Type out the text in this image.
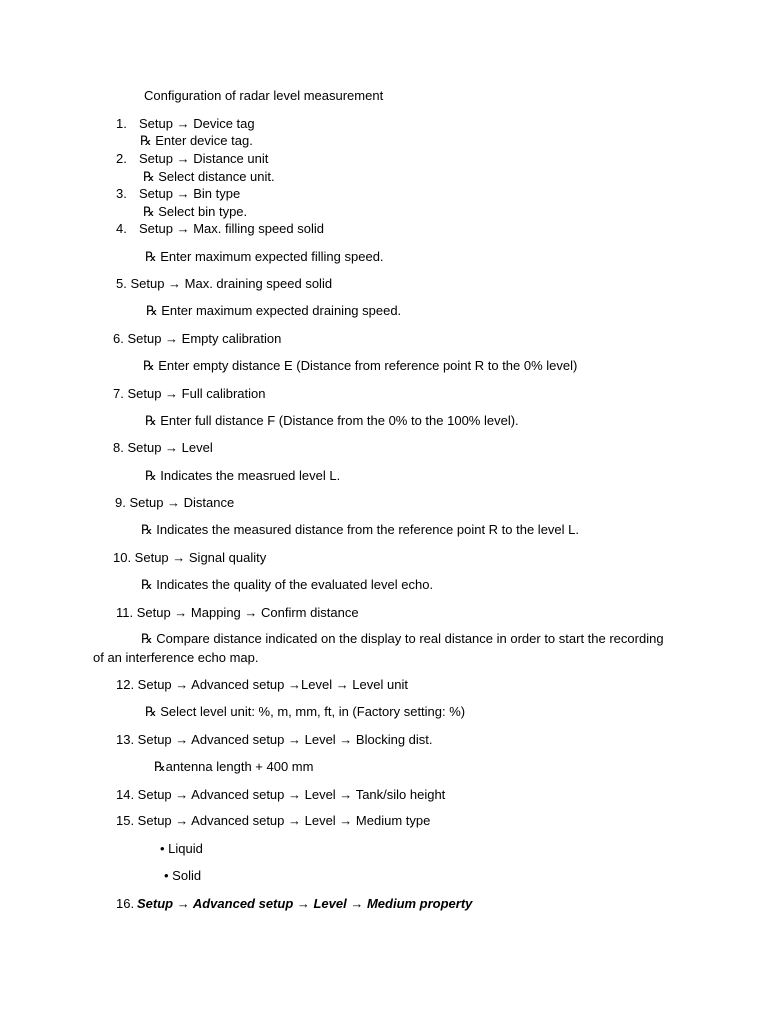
Configuration of radar level measurement
1. Setup → Device tag
℞ Enter device tag.
2. Setup → Distance unit
℞ Select distance unit.
3. Setup → Bin type
℞ Select bin type.
4. Setup → Max. filling speed solid
℞ Enter maximum expected filling speed.
5. Setup → Max. draining speed solid
℞ Enter maximum expected draining speed.
6. Setup → Empty calibration
℞ Enter empty distance E (Distance from reference point R to the 0% level)
7. Setup → Full calibration
℞ Enter full distance F (Distance from the 0% to the 100% level).
8. Setup → Level
℞ Indicates the measrued level L.
9. Setup → Distance
℞ Indicates the measured distance from the reference point R to the level L.
10. Setup → Signal quality
℞ Indicates the quality of the evaluated level echo.
11. Setup → Mapping → Confirm distance
℞ Compare distance indicated on the display to real distance in order to start the recording
of an interference echo map.
12. Setup → Advanced setup →Level → Level unit
℞ Select level unit: %, m, mm, ft, in (Factory setting: %)
13. Setup → Advanced setup → Level → Blocking dist.
℞antenna length + 400 mm
14. Setup → Advanced setup → Level → Tank/silo height
15. Setup → Advanced setup → Level → Medium type
• Liquid
• Solid
16. Setup → Advanced setup → Level → Medium property
